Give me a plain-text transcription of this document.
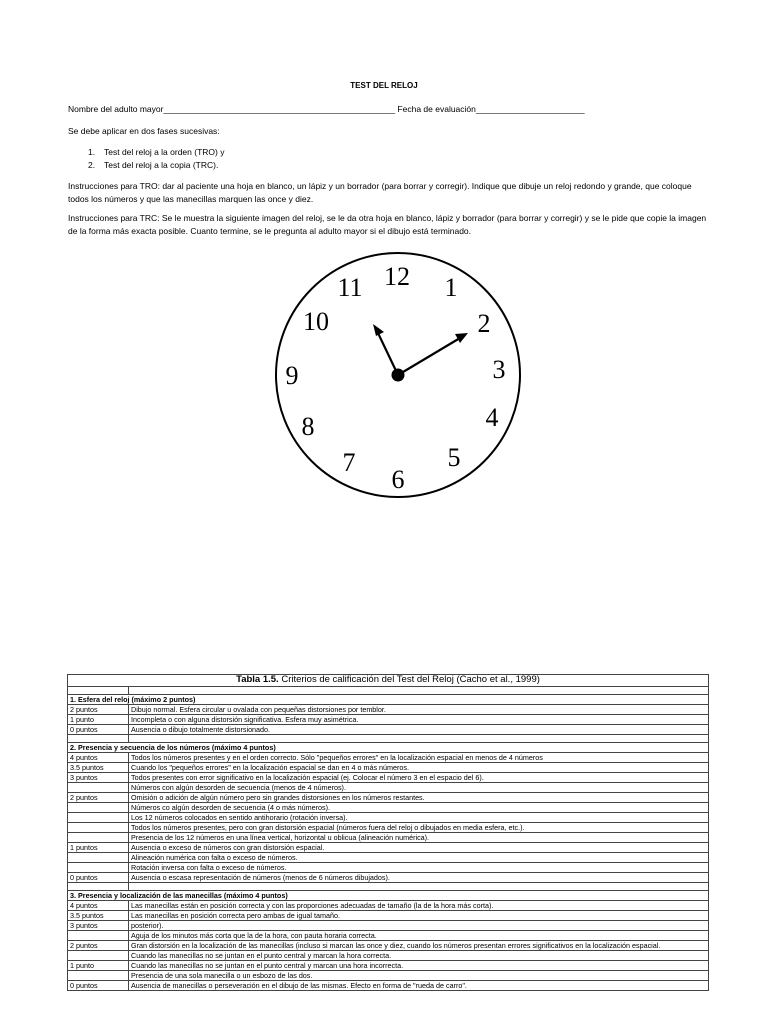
TEST DEL RELOJ
Nombre del adulto mayor_________________________________________________ Fecha de evaluación_______________________
Se debe aplicar en dos fases sucesivas:
1. Test del reloj a la orden (TRO) y
2. Test del reloj a la copia (TRC).
Instrucciones para TRO: dar al paciente una hoja en blanco, un lápiz y un borrador (para borrar y corregir). Indique que dibuje un reloj redondo y grande, que coloque todos los números y que las manecillas marquen las once y diez.
Instrucciones para TRC: Se le muestra la siguiente imagen del reloj, se le da otra hoja en blanco, lápiz y borrador (para borrar y corregir) y se le pide que copie la imagen de la forma más exacta posible. Cuanto termine, se le pregunta al adulto mayor si el dibujo está terminado.
12 1
2
3
4
5
6
7
8
9
10
11
Tabla 1.5. Criterios de calificación del Test del Reloj (Cacho et al., 1999)	

1. Esfera del reloj (máximo 2 puntos)	
2 puntos	Dibujo normal. Esfera circular u ovalada con pequeñas distorsiones por temblor.
1 punto	Incompleta o con alguna distorsión significativa. Esfera muy asimétrica.
0 puntos	Ausencia o dibujo totalmente distorsionado.

2. Presencia y secuencia de los números (máximo 4 puntos)	
4 puntos	Todos los números presentes y en el orden correcto. Sólo "pequeños errores" en la localización espacial en menos de 4 números
3.5 puntos	Cuando los "pequeños errores" en la localización espacial se dan en 4 o más números.
3 puntos	Todos presentes con error significativo en la localización espacial (ej. Colocar el número 3 en el espacio del 6).
	Números con algún desorden de secuencia (menos de 4 números).
2 puntos	Omisión o adición de algún número pero sin grandes distorsiones en los números restantes.
	Números co algún desorden de secuencia (4 o más números).
	Los 12 números colocados en sentido antihorario (rotación inversa).
	Todos los números presentes, pero con gran distorsión espacial (números fuera del reloj o dibujados en media esfera, etc.).
	Presencia de los 12 números en una línea vertical, horizontal u oblicua (alineación numérica).
1 puntos	Ausencia o exceso de números con gran distorsión espacial.
	Alineación numérica con falta o exceso de números.
	Rotación inversa con falta o exceso de números.
0 puntos	Ausencia o escasa representación de números (menos de 6 números dibujados).

3. Presencia y localización de las manecillas (máximo 4 puntos)	
4 puntos	Las manecillas están en posición correcta y con las proporciones adecuadas de tamaño (la de la hora más corta).
3.5 puntos	Las manecillas en posición correcta pero ambas de igual tamaño.
3 puntos	posterior).
	Aguja de los minutos más corta que la de la hora, con pauta horaria correcta.
2 puntos	Gran distorsión en la localización de las manecillas (incluso si marcan las once y diez, cuando los números presentan errores significativos en la localización espacial.
	Cuando las manecillas no se juntan en el punto central y marcan la hora correcta.
1 punto	Cuando las manecillas no se juntan en el punto central y marcan una hora incorrecta.
	Presencia de una sola manecilla o un esbozo de las dos.
0 puntos	Ausencia de manecillas o perseveración en el dibujo de las mismas. Efecto en forma de "rueda de carro".
